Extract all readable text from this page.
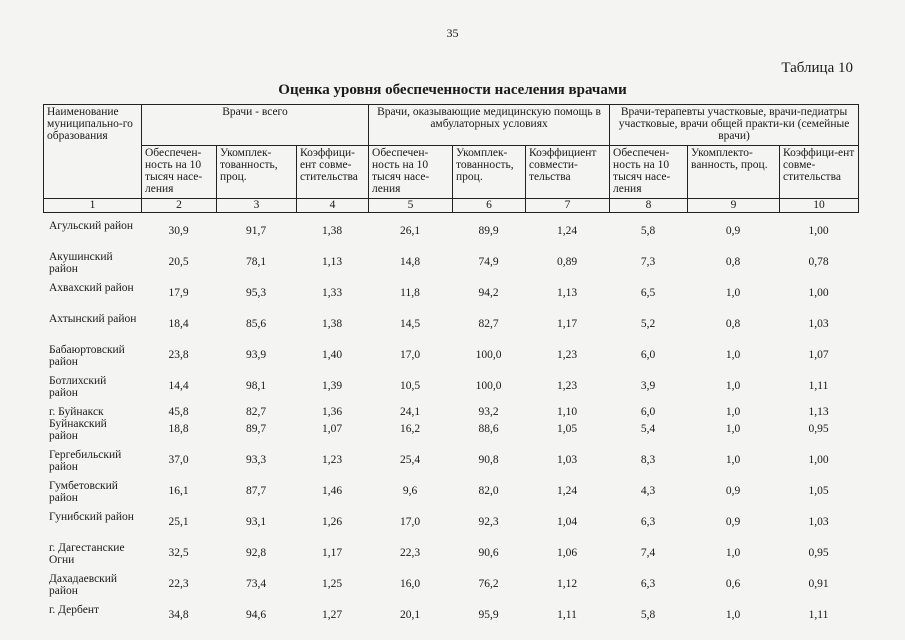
35
Таблица 10
Оценка уровня обеспеченности населения врачами
Наименование муниципально-го образования	Врачи - всего			Врачи, оказывающие медицинскую помощь в амбулаторных условиях			Врачи-терапевты участковые, врачи-педиатры участковые, врачи общей практи-ки (семейные врачи)		
	Обеспечен-ность на 10 тысяч насе-ления	Укомплек-тованность, проц.	Коэффици-ент совме-стительства	Обеспечен-ность на 10 тысяч насе-ления	Укомплек-тованность, проц.	Коэффициент совмести-тельства	Обеспечен-ность на 10 тысяч насе-ления	Укомплекто-ванность, проц.	Коэффици-ент совме-стительства
1	2	3	4	5	6	7	8	9	10
Агульский район	30,9	91,7	1,38	26,1	89,9	1,24	5,8	0,9	1,00
Акушинский район	20,5	78,1	1,13	14,8	74,9	0,89	7,3	0,8	0,78
Ахвахский район	17,9	95,3	1,33	11,8	94,2	1,13	6,5	1,0	1,00
Ахтынский район	18,4	85,6	1,38	14,5	82,7	1,17	5,2	0,8	1,03
Бабаюртовский район	23,8	93,9	1,40	17,0	100,0	1,23	6,0	1,0	1,07
Ботлихский район	14,4	98,1	1,39	10,5	100,0	1,23	3,9	1,0	1,11
г. Буйнакск	45,8	82,7	1,36	24,1	93,2	1,10	6,0	1,0	1,13
Буйнакский район	18,8	89,7	1,07	16,2	88,6	1,05	5,4	1,0	0,95
Гергебильский район	37,0	93,3	1,23	25,4	90,8	1,03	8,3	1,0	1,00
Гумбетовский район	16,1	87,7	1,46	9,6	82,0	1,24	4,3	0,9	1,05
Гунибский район	25,1	93,1	1,26	17,0	92,3	1,04	6,3	0,9	1,03
г. Дагестанские Огни	32,5	92,8	1,17	22,3	90,6	1,06	7,4	1,0	0,95
Дахадаевский район	22,3	73,4	1,25	16,0	76,2	1,12	6,3	0,6	0,91
г. Дербент	34,8	94,6	1,27	20,1	95,9	1,11	5,8	1,0	1,11
